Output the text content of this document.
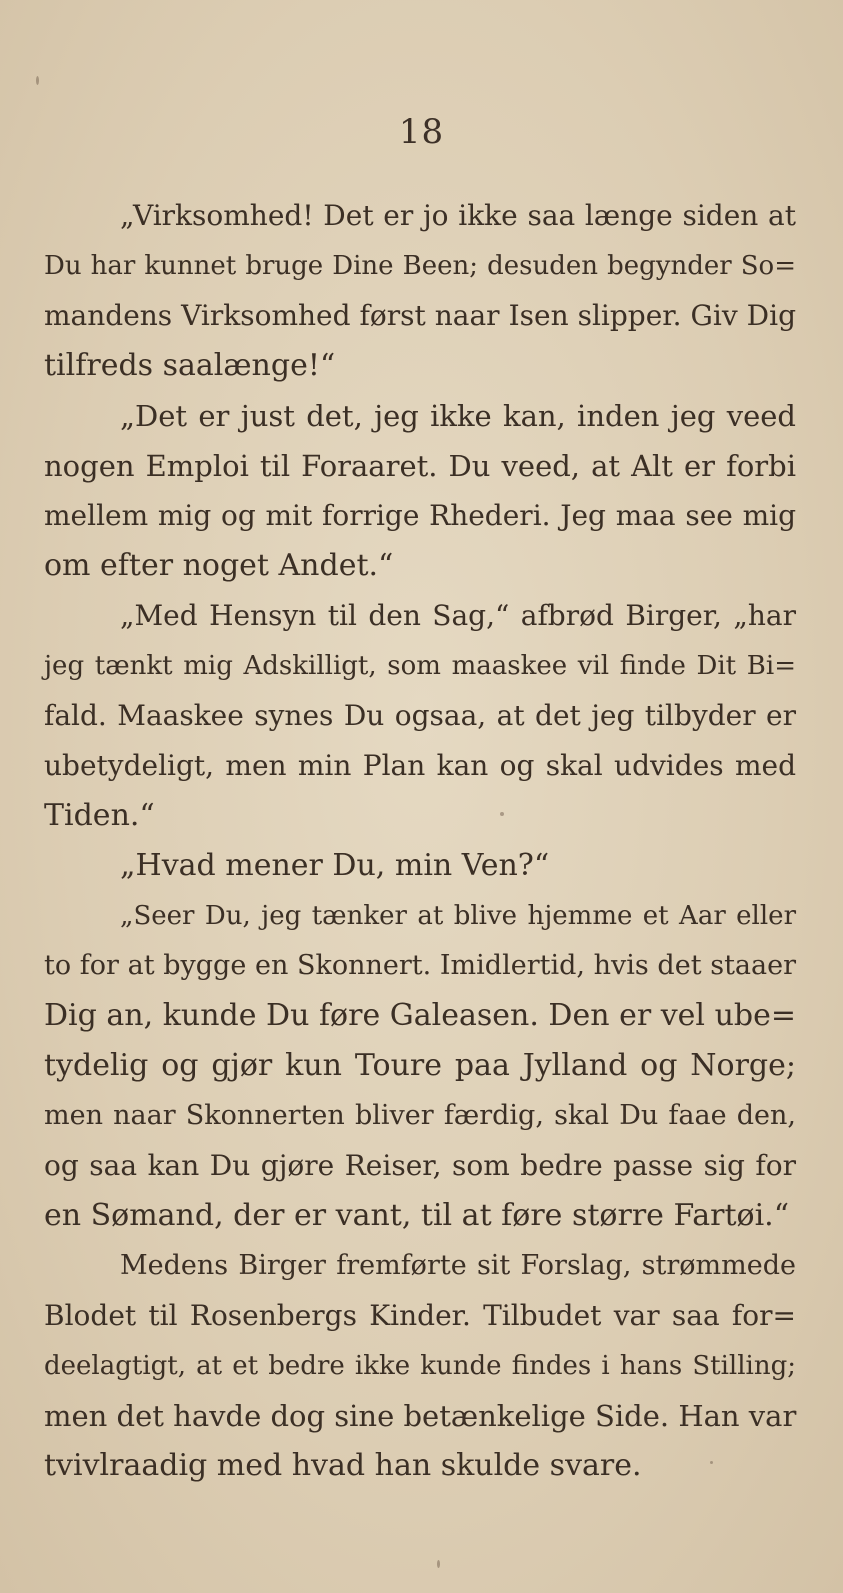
18
„Virksomhed! Det er jo ikke saa længe siden at
Du har kunnet bruge Dine Been; desuden begynder So=
mandens Virksomhed først naar Isen slipper. Giv Dig
tilfreds saalænge!“
„Det er just det, jeg ikke kan, inden jeg veed
nogen Emploi til Foraaret. Du veed, at Alt er forbi
mellem mig og mit forrige Rhederi. Jeg maa see mig
om efter noget Andet.“
„Med Hensyn til den Sag,“ afbrød Birger, „har
jeg tænkt mig Adskilligt, som maaskee vil finde Dit Bi=
fald. Maaskee synes Du ogsaa, at det jeg tilbyder er
ubetydeligt, men min Plan kan og skal udvides med
Tiden.“
„Hvad mener Du, min Ven?“
„Seer Du, jeg tænker at blive hjemme et Aar eller
to for at bygge en Skonnert. Imidlertid, hvis det staaer
Dig an, kunde Du føre Galeasen. Den er vel ube=
tydelig og gjør kun Toure paa Jylland og Norge;
men naar Skonnerten bliver færdig, skal Du faae den,
og saa kan Du gjøre Reiser, som bedre passe sig for
en Sømand, der er vant, til at føre større Fartøi.“
Medens Birger fremførte sit Forslag, strømmede
Blodet til Rosenbergs Kinder. Tilbudet var saa for=
deelagtigt, at et bedre ikke kunde findes i hans Stilling;
men det havde dog sine betænkelige Side. Han var
tvivlraadig med hvad han skulde svare.
